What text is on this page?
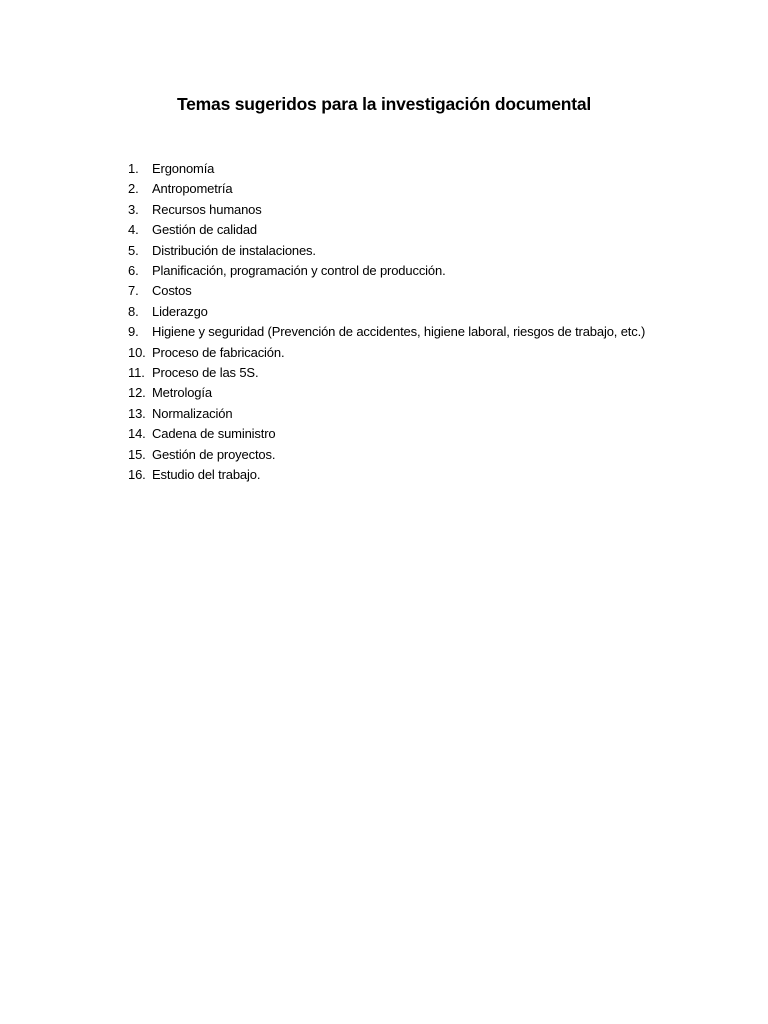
Temas sugeridos para la investigación documental
1.	Ergonomía
2.	Antropometría
3.	Recursos humanos
4.	Gestión de calidad
5.	Distribución de instalaciones.
6.	Planificación, programación y control de producción.
7.	Costos
8.	Liderazgo
9.	Higiene y seguridad (Prevención de accidentes, higiene laboral, riesgos de trabajo, etc.)
10. Proceso de fabricación.
11. Proceso de las 5S.
12. Metrología
13. Normalización
14. Cadena de suministro
15. Gestión de proyectos.
16. Estudio del trabajo.
